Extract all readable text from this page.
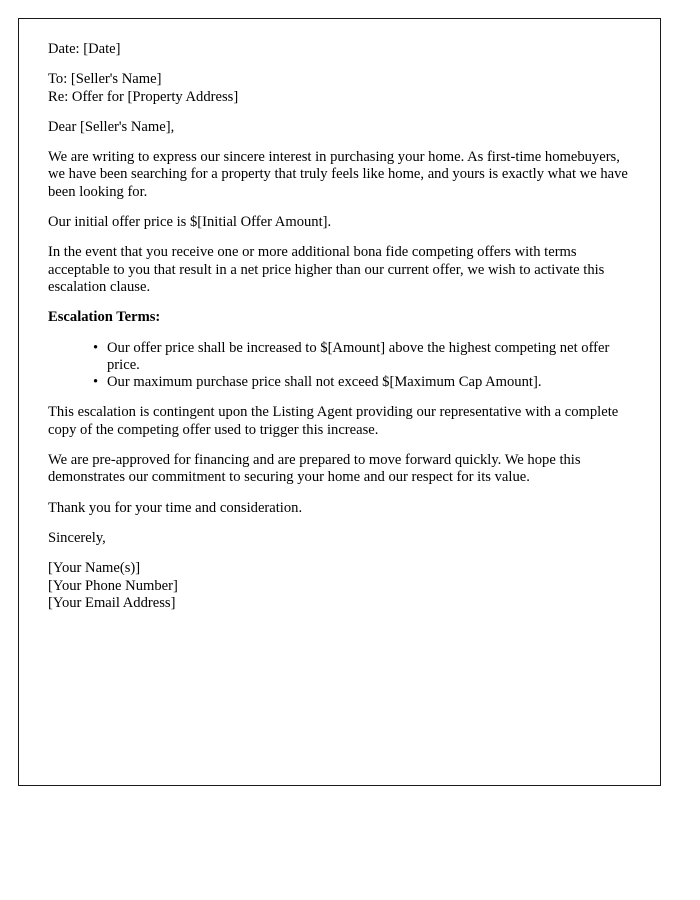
Date: [Date]

To: [Seller's Name]

Re: Offer for [Property Address]

Dear [Seller's Name],

We are writing to express our sincere interest in purchasing your home. As first-time homebuyers, we have been searching for a property that truly feels like home, and yours is exactly what we have been looking for.

Our initial offer price is $[Initial Offer Amount].

In the event that you receive one or more additional bona fide competing offers with terms acceptable to you that result in a net price higher than our current offer, we wish to activate this escalation clause.

Escalation Terms:

• Our offer price shall be increased to $[Amount] above the highest competing net offer price.
• Our maximum purchase price shall not exceed $[Maximum Cap Amount].

This escalation is contingent upon the Listing Agent providing our representative with a complete copy of the competing offer used to trigger this increase.

We are pre-approved for financing and are prepared to move forward quickly. We hope this demonstrates our commitment to securing your home and our respect for its value.

Thank you for your time and consideration.

Sincerely,

[Your Name(s)]

[Your Phone Number]

[Your Email Address]
